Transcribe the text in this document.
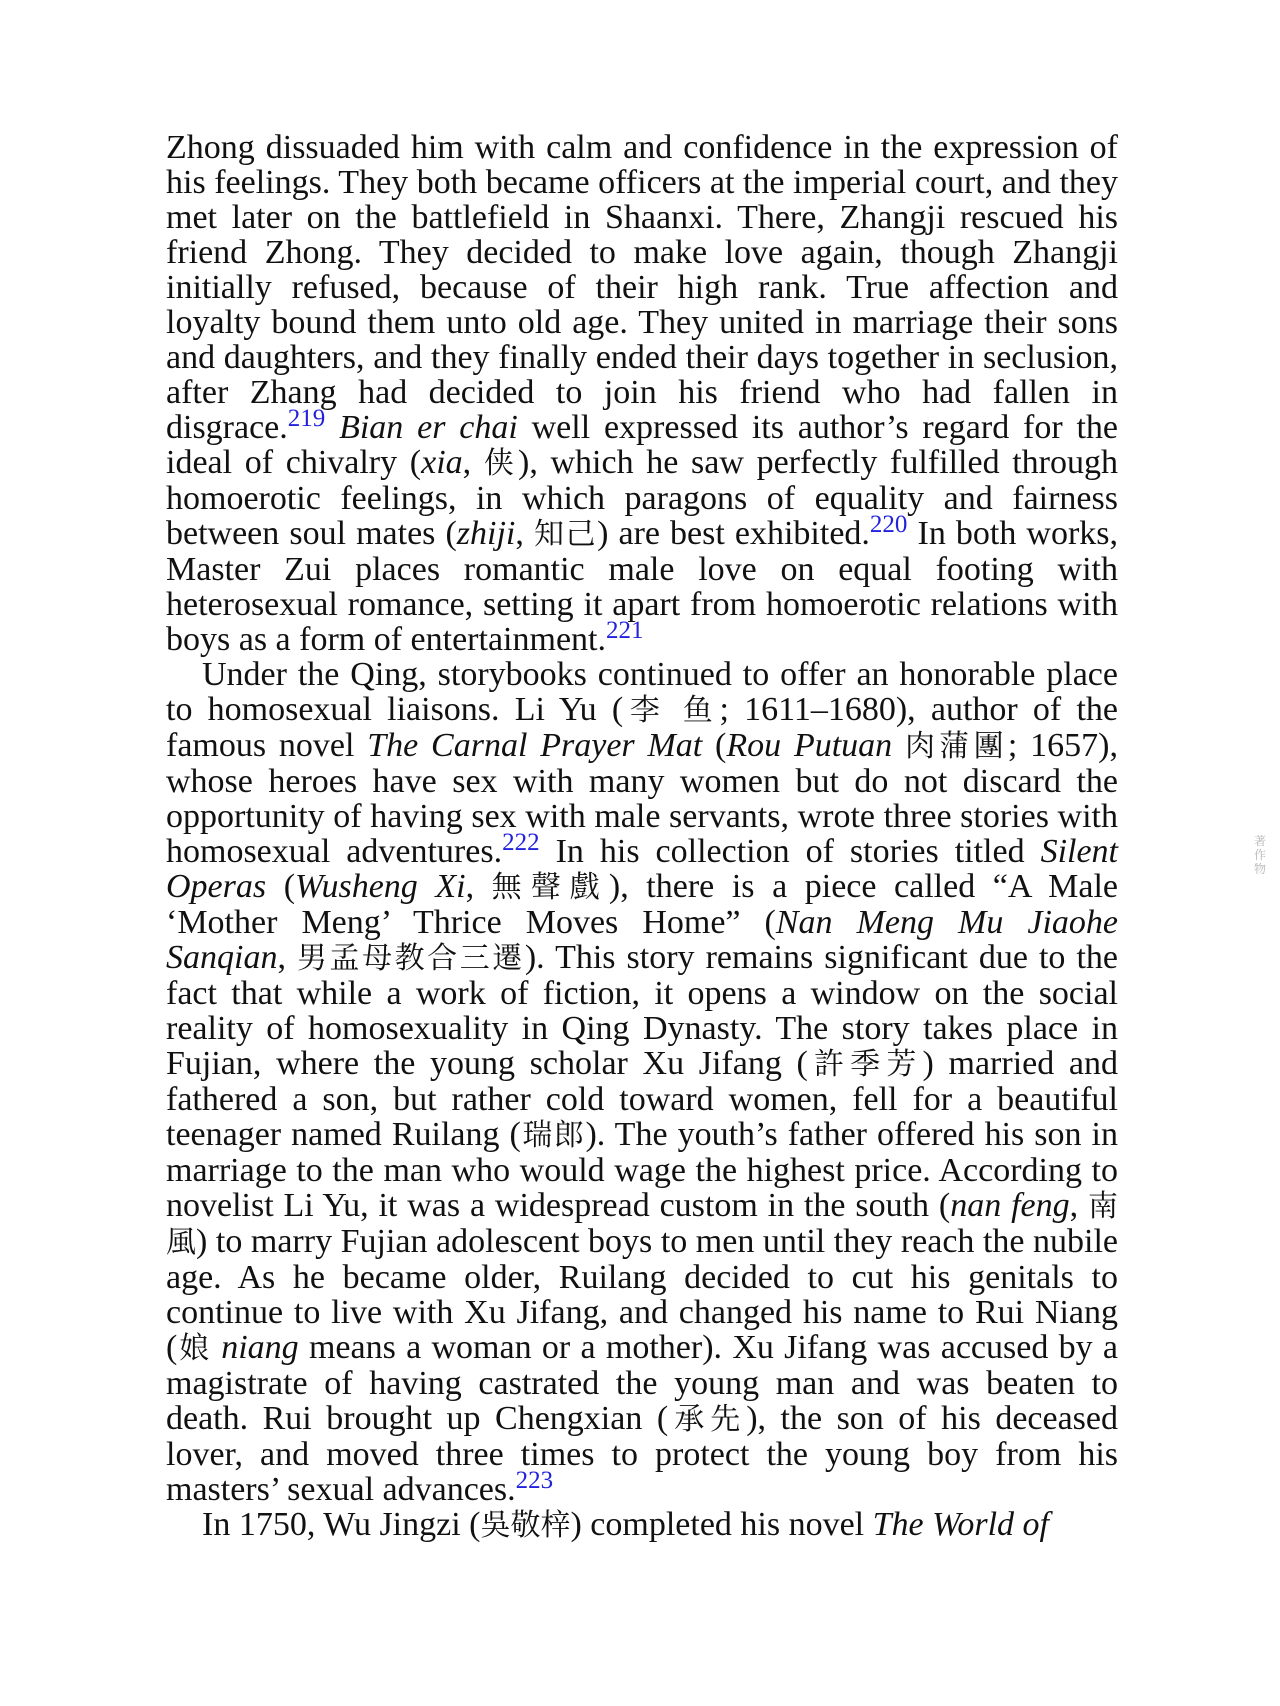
Zhong dissuaded him with calm and confidence in the expression of his feelings. They both became officers at the imperial court, and they met later on the battlefield in Shaanxi. There, Zhangji rescued his friend Zhong. They decided to make love again, though Zhangji initially refused, because of their high rank. True affection and loyalty bound them unto old age. They united in marriage their sons and daughters, and they finally ended their days together in seclusion, after Zhang had decided to join his friend who had fallen in disgrace.$^{219}$ Bian er chai well expressed its author’s regard for the ideal of chivalry (xia, 侠), which he saw perfectly fulfilled through homoerotic feelings, in which paragons of equality and fairness between soul mates (zhiji, 知己) are best exhibited.$^{220}$ In both works, Master Zui places romantic male love on equal footing with heterosexual romance, setting it apart from homoerotic relations with boys as a form of entertainment.$^{221}$

Under the Qing, storybooks continued to offer an honorable place to homosexual liaisons. Li Yu (李 鱼; 1611–1680), author of the famous novel The Carnal Prayer Mat (Rou Putuan 肉蒲團; 1657), whose heroes have sex with many women but do not discard the opportunity of having sex with male servants, wrote three stories with homosexual adventures.$^{222}$ In his collection of stories titled Silent Operas (Wusheng Xi, 無聲戲), there is a piece called “A Male ‘Mother Meng’ Thrice Moves Home” (Nan Meng Mu Jiaohe Sanqian, 男孟母教合三遷). This story remains significant due to the fact that while a work of fiction, it opens a window on the social reality of homosexuality in Qing Dynasty. The story takes place in Fujian, where the young scholar Xu Jifang (許季芳) married and fathered a son, but rather cold toward women, fell for a beautiful teenager named Ruilang (瑞郎). The youth’s father offered his son in marriage to the man who would wage the highest price. According to novelist Li Yu, it was a widespread custom in the south (nan feng, 南風) to marry Fujian adolescent boys to men until they reach the nubile age. As he became older, Ruilang decided to cut his genitals to continue to live with Xu Jifang, and changed his name to Rui Niang (娘 niang means a woman or a mother). Xu Jifang was accused by a magistrate of having castrated the young man and was beaten to death. Rui brought up Chengxian (承先), the son of his deceased lover, and moved three times to protect the young boy from his masters’ sexual advances.$^{223}$

In 1750, Wu Jingzi (吳敬梓) completed his novel The World of

著作物
